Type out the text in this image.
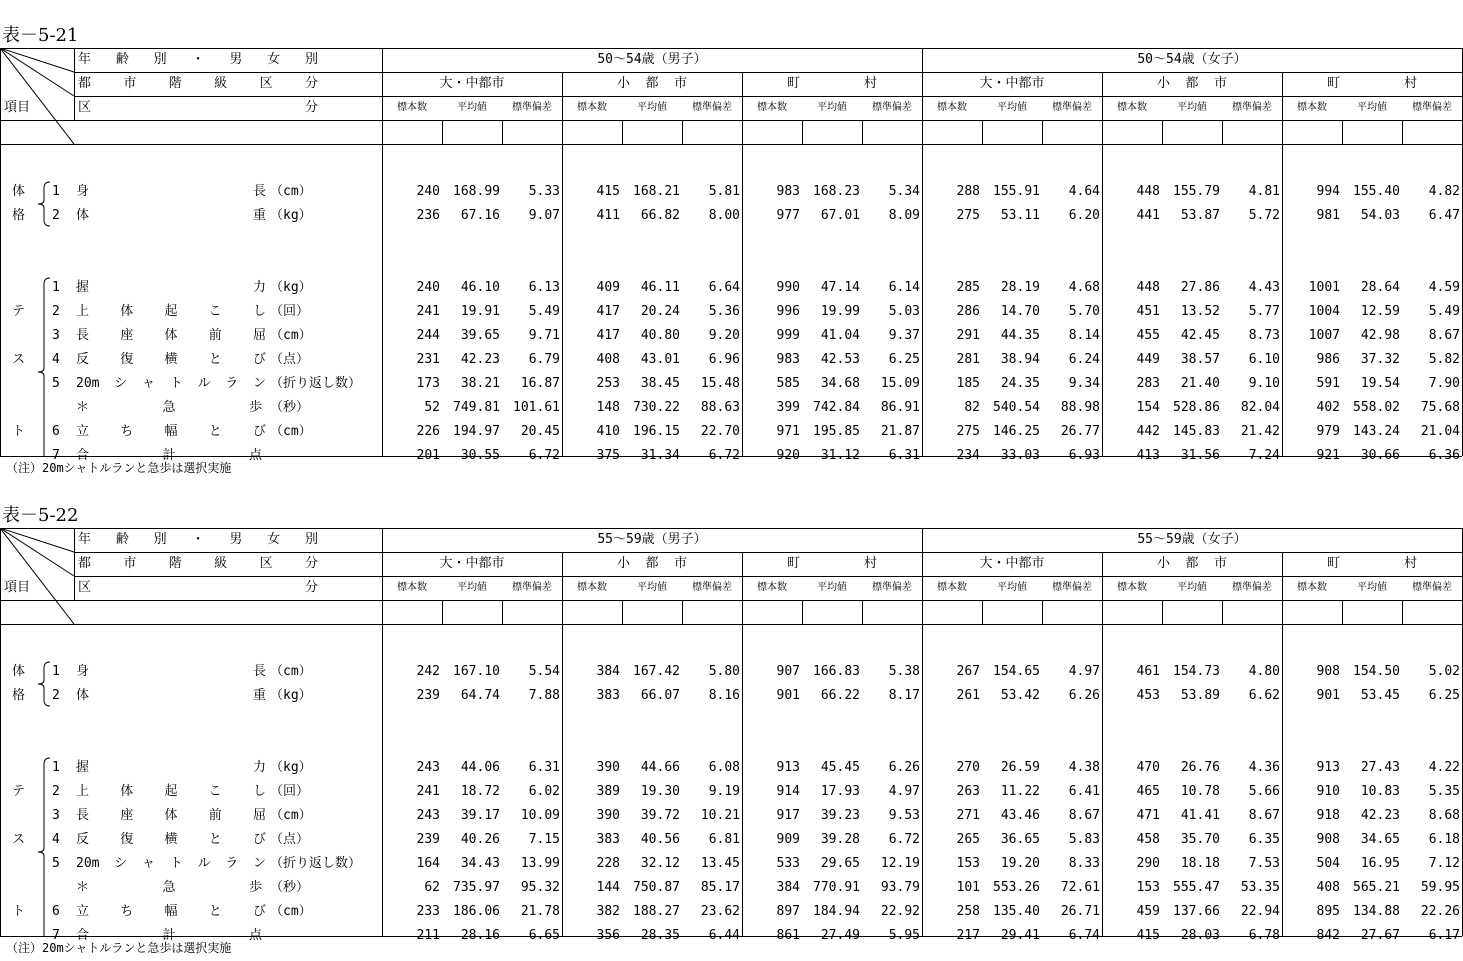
表－5-21
年 齢 別 ・ 男 女 別
都 市 階 級 区 分
区	分
項目
50～54歳（男子）	50～54歳（女子）
大・中都市
標本数	平均値	標準偏差
小 都 市
標本数	平均値	標準偏差
町	村
標本数	平均値	標準偏差
大・中都市
標本数	平均値	標準偏差
小 都 市
標本数	平均値	標準偏差
町	村
標本数	平均値	標準偏差
体
格
テ
ス
ト
1 身	長 （cm）	240	168.99	5.33	415	168.21	5.81	983	168.23	5.34	288	155.91	4.64	448	155.79	4.81	994	155.40	4.82
2 体	重 （kg）	236	67.16	9.07	411	66.82	8.00	977	67.01	8.09	275	53.11	6.20	441	53.87	5.72	981	54.03	6.47
1 握	力 （kg）	240	46.10	6.13	409	46.11	6.64	990	47.14	6.14	285	28.19	4.68	448	27.86	4.43	1001	28.64	4.59
2 上 体 起 こ し （回）	241	19.91	5.49	417	20.24	5.36	996	19.99	5.03	286	14.70	5.70	451	13.52	5.77	1004	12.59	5.49
3 長 座 体 前 屈 （cm）	244	39.65	9.71	417	40.80	9.20	999	41.04	9.37	291	44.35	8.14	455	42.45	8.73	1007	42.98	8.67
4 反 復 横 と び （点）	231	42.23	6.79	408	43.01	6.96	983	42.53	6.25	281	38.94	6.24	449	38.57	6.10	986	37.32	5.82
5 20m シ ャ ト ル ラ ン （折り返し数）	173	38.21	16.87	253	38.45	15.48	585	34.68	15.09	185	24.35	9.34	283	21.40	9.10	591	19.54	7.90
＊	急	歩 （秒）	52	749.81	101.61	148	730.22	88.63	399	742.84	86.91	82	540.54	88.98	154	528.86	82.04	402	558.02	75.68
6 立 ち 幅 と び （cm）	226	194.97	20.45	410	196.15	22.70	971	195.85	21.87	275	146.25	26.77	442	145.83	21.42	979	143.24	21.04
7 合	計	点	201	30.55	6.72	375	31.34	6.72	920	31.12	6.31	234	33.03	6.93	413	31.56	7.24	921	30.66	6.36
（注）20mシャトルランと急歩は選択実施
表－5-22
年 齢 別 ・ 男 女 別
都 市 階 級 区 分
区	分
項目
55～59歳（男子）	55～59歳（女子）
大・中都市
標本数	平均値	標準偏差
小 都 市
標本数	平均値	標準偏差
町	村
標本数	平均値	標準偏差
大・中都市
標本数	平均値	標準偏差
小 都 市
標本数	平均値	標準偏差
町	村
標本数	平均値	標準偏差
体
格
テ
ス
ト
1 身	長 （cm）	242	167.10	5.54	384	167.42	5.80	907	166.83	5.38	267	154.65	4.97	461	154.73	4.80	908	154.50	5.02
2 体	重 （kg）	239	64.74	7.88	383	66.07	8.16	901	66.22	8.17	261	53.42	6.26	453	53.89	6.62	901	53.45	6.25
1 握	力 （kg）	243	44.06	6.31	390	44.66	6.08	913	45.45	6.26	270	26.59	4.38	470	26.76	4.36	913	27.43	4.22
2 上 体 起 こ し （回）	241	18.72	6.02	389	19.30	9.19	914	17.93	4.97	263	11.22	6.41	465	10.78	5.66	910	10.83	5.35
3 長 座 体 前 屈 （cm）	243	39.17	10.09	390	39.72	10.21	917	39.23	9.53	271	43.46	8.67	471	41.41	8.67	918	42.23	8.68
4 反 復 横 と び （点）	239	40.26	7.15	383	40.56	6.81	909	39.28	6.72	265	36.65	5.83	458	35.70	6.35	908	34.65	6.18
5 20m シ ャ ト ル ラ ン （折り返し数）	164	34.43	13.99	228	32.12	13.45	533	29.65	12.19	153	19.20	8.33	290	18.18	7.53	504	16.95	7.12
＊	急	歩 （秒）	62	735.97	95.32	144	750.87	85.17	384	770.91	93.79	101	553.26	72.61	153	555.47	53.35	408	565.21	59.95
6 立 ち 幅 と び （cm）	233	186.06	21.78	382	188.27	23.62	897	184.94	22.92	258	135.40	26.71	459	137.66	22.94	895	134.88	22.26
7 合	計	点	211	28.16	6.65	356	28.35	6.44	861	27.49	5.95	217	29.41	6.74	415	28.03	6.78	842	27.67	6.17
（注）20mシャトルランと急歩は選択実施
